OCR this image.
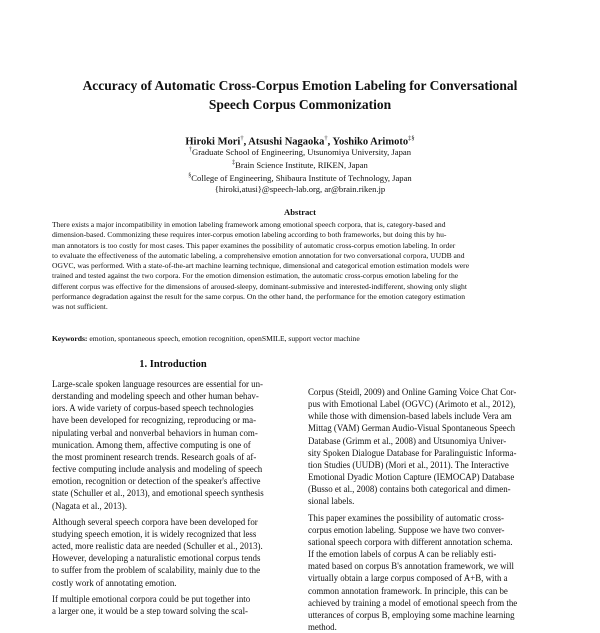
Accuracy of Automatic Cross-Corpus Emotion Labeling for Conversational
Speech Corpus Commonization
Hiroki Mori†, Atsushi Nagaoka†, Yoshiko Arimoto‡§
†Graduate School of Engineering, Utsunomiya University, Japan
‡Brain Science Institute, RIKEN, Japan
§College of Engineering, Shibaura Institute of Technology, Japan
{hiroki,atusi}@speech-lab.org, ar@brain.riken.jp
Abstract
There exists a major incompatibility in emotion labeling framework among emotional speech corpora, that is, category-based and
dimension-based. Commonizing these requires inter-corpus emotion labeling according to both frameworks, but doing this by hu-
man annotators is too costly for most cases. This paper examines the possibility of automatic cross-corpus emotion labeling. In order
to evaluate the effectiveness of the automatic labeling, a comprehensive emotion annotation for two conversational corpora, UUDB and
OGVC, was performed. With a state-of-the-art machine learning technique, dimensional and categorical emotion estimation models were
trained and tested against the two corpora. For the emotion dimension estimation, the automatic cross-corpus emotion labeling for the
different corpus was effective for the dimensions of aroused-sleepy, dominant-submissive and interested-indifferent, showing only slight
performance degradation against the result for the same corpus. On the other hand, the performance for the emotion category estimation
was not sufficient.
Keywords: emotion, spontaneous speech, emotion recognition, openSMILE, support vector machine
1. Introduction
Large-scale spoken language resources are essential for un-
derstanding and modeling speech and other human behav-
iors. A wide variety of corpus-based speech technologies
have been developed for recognizing, reproducing or ma-
nipulating verbal and nonverbal behaviors in human com-
munication. Among them, affective computing is one of
the most prominent research trends. Research goals of af-
fective computing include analysis and modeling of speech
emotion, recognition or detection of the speaker's affective
state (Schuller et al., 2013), and emotional speech synthesis
(Nagata et al., 2013).
Although several speech corpora have been developed for
studying speech emotion, it is widely recognized that less
acted, more realistic data are needed (Schuller et al., 2013).
However, developing a naturalistic emotional corpus tends
to suffer from the problem of scalability, mainly due to the
costly work of annotating emotion.
If multiple emotional corpora could be put together into
a larger one, it would be a step toward solving the scal-
Corpus (Steidl, 2009) and Online Gaming Voice Chat Cor-
pus with Emotional Label (OGVC) (Arimoto et al., 2012),
while those with dimension-based labels include Vera am
Mittag (VAM) German Audio-Visual Spontaneous Speech
Database (Grimm et al., 2008) and Utsunomiya Univer-
sity Spoken Dialogue Database for Paralinguistic Informa-
tion Studies (UUDB) (Mori et al., 2011). The Interactive
Emotional Dyadic Motion Capture (IEMOCAP) Database
(Busso et al., 2008) contains both categorical and dimen-
sional labels.
This paper examines the possibility of automatic cross-
corpus emotion labeling. Suppose we have two conver-
sational speech corpora with different annotation schema.
If the emotion labels of corpus A can be reliably esti-
mated based on corpus B's annotation framework, we will
virtually obtain a large corpus composed of A+B, with a
common annotation framework. In principle, this can be
achieved by training a model of emotional speech from the
utterances of corpus B, employing some machine learning
method.
